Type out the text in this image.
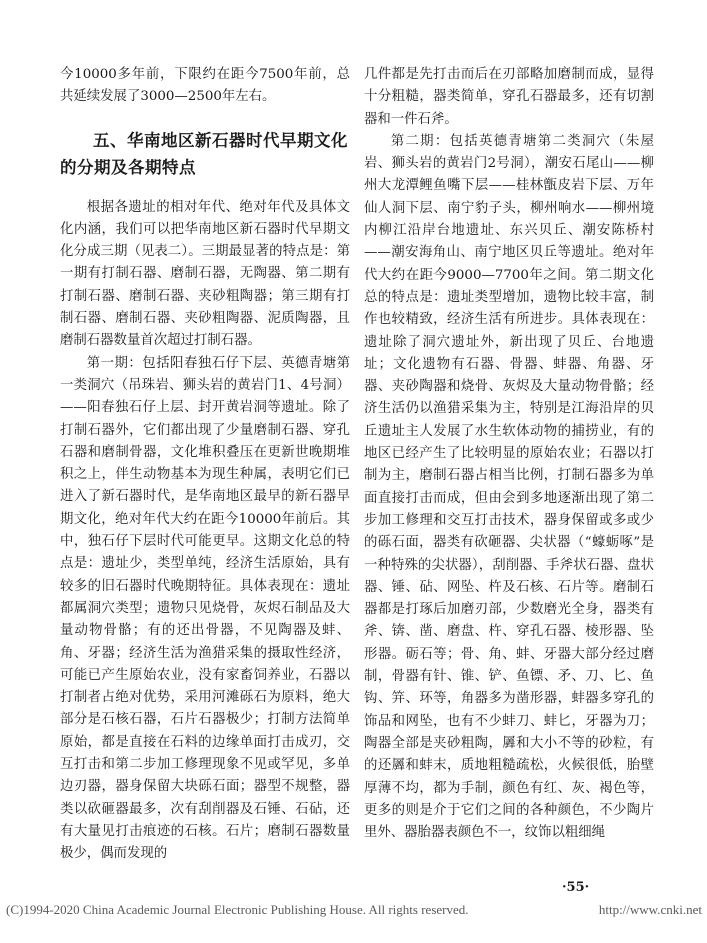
今10000多年前，下限约在距今7500年前，总共延续发展了3000—2500年左右。

五、华南地区新石器时代早期文化的分期及各期特点

根据各遗址的相对年代、绝对年代及具体文化内涵，我们可以把华南地区新石器时代早期文化分成三期（见表二）。三期最显著的特点是：第一期有打制石器、磨制石器，无陶器、第二期有打制石器、磨制石器、夹砂粗陶器；第三期有打制石器、磨制石器、夹砂粗陶器、泥质陶器，且磨制石器数量首次超过打制石器。

第一期：包括阳春独石仔下层、英德青塘第一类洞穴（吊珠岩、狮头岩的黄岩门1、4号洞）——阳春独石仔上层、封开黄岩洞等遗址。除了打制石器外，它们都出现了少量磨制石器、穿孔石器和磨制骨器，文化堆积叠压在更新世晚期堆积之上，伴生动物基本为现生种属，表明它们已进入了新石器时代，是华南地区最早的新石器早期文化，绝对年代大约在距今10000年前后。其中，独石仔下层时代可能更早。这期文化总的特点是：遗址少，类型单纯，经济生活原始，具有较多的旧石器时代晚期特征。具体表现在：遗址都属洞穴类型；遗物只见烧骨，灰烬石制品及大量动物骨骼；有的还出骨器，不见陶器及蚌、角、牙器；经济生活为渔猎采集的摄取性经济，可能已产生原始农业，没有家畜饲养业，石器以打制者占绝对优势，采用河滩砾石为原料，绝大部分是石核石器，石片石器极少；打制方法简单原始，都是直接在石料的边缘单面打击成刃，交互打击和第二步加工修理现象不见或罕见，多单边刃器，器身保留大块砾石面；器型不规整，器类以砍砸器最多，次有刮削器及石锤、石砧，还有大量见打击痕迹的石核。石片；磨制石器数量极少，偶而发现的

几件都是先打击而后在刃部略加磨制而成，显得十分粗糙，器类简单，穿孔石器最多，还有切割器和一件石斧。

第二期：包括英德青塘第二类洞穴（朱屋岩、狮头岩的黄岩门2号洞），潮安石尾山——柳州大龙潭鲤鱼嘴下层——桂林甑皮岩下层、万年仙人洞下层、南宁豹子头，柳州响水——柳州境内柳江沿岸台地遗址、东兴贝丘、潮安陈桥村——潮安海角山、南宁地区贝丘等遗址。绝对年代大约在距今9000—7700年之间。第二期文化总的特点是：遗址类型增加，遗物比较丰富，制作也较精致，经济生活有所进步。具体表现在：遗址除了洞穴遗址外，新出现了贝丘、台地遗址；文化遗物有石器、骨器、蚌器、角器、牙器、夹砂陶器和烧骨、灰烬及大量动物骨骼；经济生活仍以渔猎采集为主，特别是江海沿岸的贝丘遗址主人发展了水生软体动物的捕捞业，有的地区已经产生了比较明显的原始农业；石器以打制为主，磨制石器占相当比例，打制石器多为单面直接打击而成，但由会到多地逐渐出现了第二步加工修理和交互打击技术，器身保留或多或少的砾石面，器类有砍砸器、尖状器（“蠔蛎啄”是一种特殊的尖状器），刮削器、手斧状石器、盘状器、锤、砧、网坠、杵及石核、石片等。磨制石器都是打琢后加磨刃部，少数磨光全身，器类有斧、锛、凿、磨盘、杵、穿孔石器、棱形器、坠形器。砺石等；骨、角、蚌、牙器大部分经过磨制，骨器有针、锥、铲、鱼镖、矛、刀、匕、鱼钩、笄、环等，角器多为凿形器，蚌器多穿孔的饰品和网坠，也有不少蚌刀、蚌匕，牙器为刀；陶器全部是夹砂粗陶，羼和大小不等的砂粒，有的还羼和蚌末，质地粗糙疏松，火候很低，胎壁厚薄不均，都为手制，颜色有红、灰、褐色等，更多的则是介于它们之间的各种颜色，不少陶片里外、器胎器表颜色不一，纹饰以粗细绳

·55·
(C)1994-2020 China Academic Journal Electronic Publishing House. All rights reserved.	http://www.cnki.net
